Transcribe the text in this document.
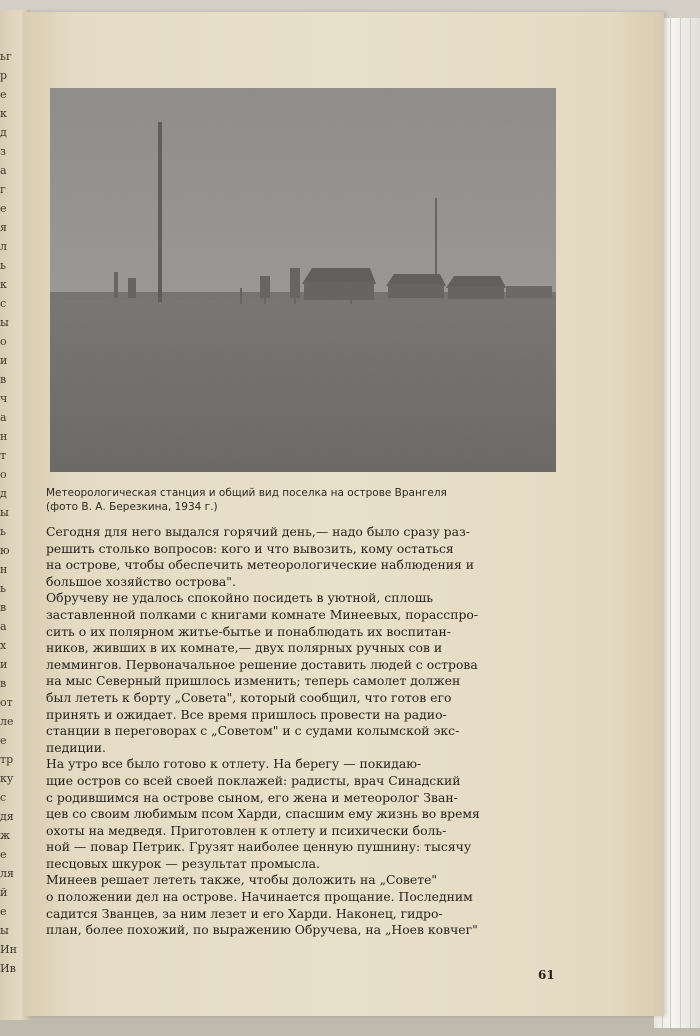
ьг
р
е
к
д
з
а
г
е
я
л
ь
к
с
ы
о
и
в
ч
а
н
т
о
д
ы
ь
ю
н
ь
в
а
х
и
в
от
ле
е
тр
ку
с
дя
ж
е
ля
й
е
ы
Ин
Ив
Метеорологическая станция и общий вид поселка на острове Врангеля
(фото В. А. Березкина, 1934 г.)
Сегодня для него выдался горячий день,— надо было сразу раз-
решить столько вопросов: кого и что вывозить, кому остаться
на острове, чтобы обеспечить метеорологические наблюдения и
большое хозяйство острова".
Обручеву не удалось спокойно посидеть в уютной, сплошь
заставленной полками с книгами комнате Минеевых, порасспро-
сить о их полярном житье-бытье и понаблюдать их воспитан-
ников, живших в их комнате,— двух полярных ручных сов и
леммингов. Первоначальное решение доставить людей с острова
на мыс Северный пришлось изменить; теперь самолет должен
был лететь к борту „Совета", который сообщил, что готов его
принять и ожидает. Все время пришлось провести на радио-
станции в переговорах с „Советом" и с судами колымской экс-
педиции.
На утро все было готово к отлету. На берегу — покидаю-
щие остров со всей своей поклажей: радисты, врач Синадский
с родившимся на острове сыном, его жена и метеоролог Зван-
цев со своим любимым псом Харди, спасшим ему жизнь во время
охоты на медведя. Приготовлен к отлету и психически боль-
ной — повар Петрик. Грузят наиболее ценную пушнину: тысячу
песцовых шкурок — результат промысла.
Минеев решает лететь также, чтобы доложить на „Совете"
о положении дел на острове. Начинается прощание. Последним
садится Званцев, за ним лезет и его Харди. Наконец, гидро-
план, более похожий, по выражению Обручева, на „Ноев ковчег"
61
